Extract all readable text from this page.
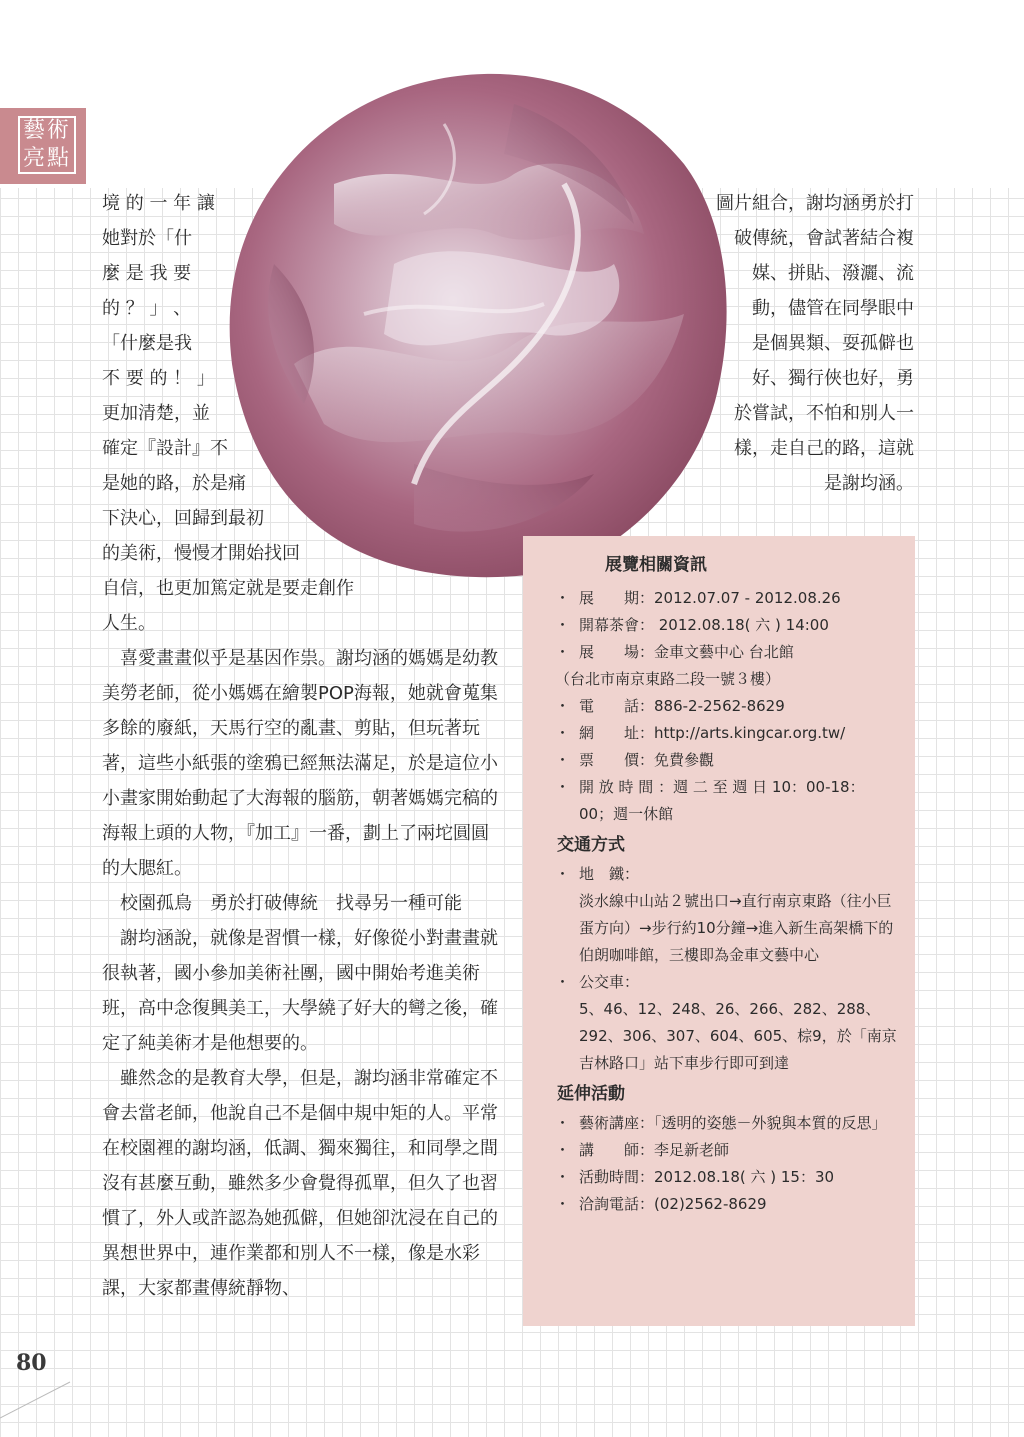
藝術亮點

境 的 一 年 讓

她對於「什

麼 是 我 要

的 ？ 」 、

「什麼是我

不 要 的 ！ 」

更加清楚，並

確定『設計』不

是她的路，於是痛

下決心，回歸到最初

的美術，慢慢才開始找回

自信，也更加篤定就是要走創作

人生。

喜愛畫畫似乎是基因作祟。謝均涵的媽媽是幼教美勞老師，從小媽媽在繪製POP海報，她就會蒐集多餘的廢紙，天馬行空的亂畫、剪貼，但玩著玩著，這些小紙張的塗鴉已經無法滿足，於是這位小小畫家開始動起了大海報的腦筋，朝著媽媽完稿的海報上頭的人物，『加工』一番，劃上了兩坨圓圓的大腮紅。

校園孤鳥　勇於打破傳統　找尋另一種可能

謝均涵說，就像是習慣一樣，好像從小對畫畫就很執著，國小參加美術社團，國中開始考進美術班，高中念復興美工，大學繞了好大的彎之後，確定了純美術才是他想要的。

雖然念的是教育大學，但是，謝均涵非常確定不會去當老師，他說自己不是個中規中矩的人。平常在校園裡的謝均涵，低調、獨來獨往，和同學之間沒有甚麼互動，雖然多少會覺得孤單，但久了也習慣了，外人或許認為她孤僻，但她卻沈浸在自己的異想世界中，連作業都和別人不一樣，像是水彩課，大家都畫傳統靜物、

圖片組合，謝均涵勇於打

破傳統，會試著結合複

媒、拼貼、潑灑、流

動，儘管在同學眼中

是個異類、耍孤僻也

好、獨行俠也好，勇

於嘗試，不怕和別人一

樣，走自己的路，這就

是謝均涵。

展覽相關資訊
・ 展　　期：2012.07.07 - 2012.08.26
・ 開幕茶會： 2012.08.18( 六 ) 14:00
・ 展　　場：金車文藝中心 台北館
（台北市南京東路二段一號３樓）
・ 電　　話：886-2-2562-8629
・ 網　　址：http://arts.kingcar.org.tw/
・ 票　　價：免費參觀
・ 開 放 時 間 ：週 二 至 週 日 10：00-18：00；週一休館
交通方式
・ 地　鐵：
淡水線中山站２號出口→直行南京東路（往小巨蛋方向）→步行約10分鐘→進入新生高架橋下的伯朗咖啡館，三樓即為金車文藝中心
・ 公交車：
5、46、12、248、26、266、282、288、292、306、307、604、605、棕9，於「南京吉林路口」站下車步行即可到達
延伸活動
・ 藝術講座：「透明的姿態－外貌與本質的反思」
・ 講　　師：李足新老師
・ 活動時間：2012.08.18( 六 ) 15：30
・ 洽詢電話：(02)2562-8629
80
